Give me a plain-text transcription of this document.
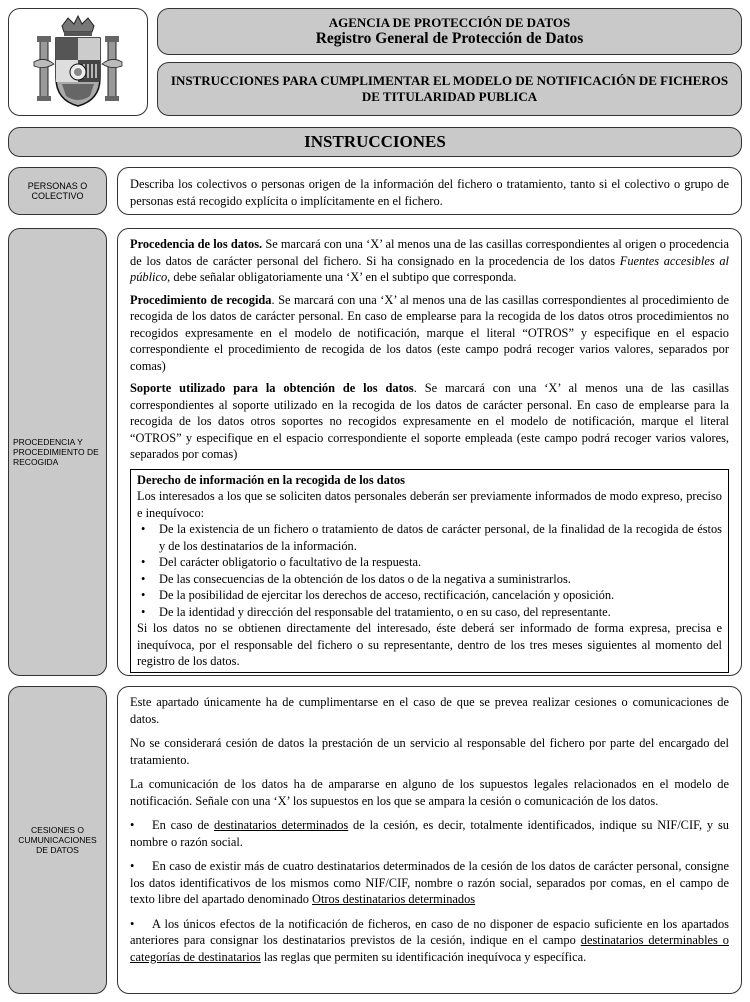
AGENCIA DE PROTECCIÓN DE DATOS
Registro General de Protección de Datos
INSTRUCCIONES PARA CUMPLIMENTAR EL MODELO DE NOTIFICACIÓN DE FICHEROS DE TITULARIDAD PUBLICA
INSTRUCCIONES
PERSONAS O COLECTIVO
Describa los colectivos o personas origen de la información del fichero o tratamiento, tanto si el colectivo o grupo de personas está recogido explícita o implícitamente en el fichero.
PROCEDENCIA Y PROCEDIMIENTO DE RECOGIDA

Procedencia de los datos. Se marcará con una ‘X’ al menos una de las casillas correspondientes al origen o procedencia de los datos de carácter personal del fichero. Si ha consignado en la procedencia de los datos Fuentes accesibles al público, debe señalar obligatoriamente una ‘X’ en el subtipo que corresponda.

Procedimiento de recogida. Se marcará con una ‘X’ al menos una de las casillas correspondientes al procedimiento de recogida de los datos de carácter personal. En caso de emplearse para la recogida de los datos otros procedimientos no recogidos expresamente en el modelo de notificación, marque el literal “OTROS” y especifique en el espacio correspondiente el procedimiento de recogida de los datos (este campo podrá recoger varios valores, separados por comas)

Soporte utilizado para la obtención de los datos. Se marcará con una ‘X’ al menos una de las casillas correspondientes al soporte utilizado en la recogida de los datos de carácter personal. En caso de emplearse para la recogida de los datos otros soportes no recogidos expresamente en el modelo de notificación, marque el literal “OTROS” y especifique en el espacio correspondiente el soporte empleada (este campo podrá recoger varios valores, separados por comas)

Derecho de información en la recogida de los datos
Los interesados a los que se soliciten datos personales deberán ser previamente informados de modo expreso, preciso e inequívoco:
• De la existencia de un fichero o tratamiento de datos de carácter personal, de la finalidad de la recogida de éstos y de los destinatarios de la información.
• Del carácter obligatorio o facultativo de la respuesta.
• De las consecuencias de la obtención de los datos o de la negativa a suministrarlos.
• De la posibilidad de ejercitar los derechos de acceso, rectificación, cancelación y oposición.
• De la identidad y dirección del responsable del tratamiento, o en su caso, del representante.
Si los datos no se obtienen directamente del interesado, éste deberá ser informado de forma expresa, precisa e inequívoca, por el responsable del fichero o su representante, dentro de los tres meses siguientes al momento del registro de los datos.
CESIONES O CUMUNICACIONES DE DATOS

Este apartado únicamente ha de cumplimentarse en el caso de que se prevea realizar cesiones o comunicaciones de datos.

No se considerará cesión de datos la prestación de un servicio al responsable del fichero por parte del encargado del tratamiento.

La comunicación de los datos ha de ampararse en alguno de los supuestos legales relacionados en el modelo de notificación. Señale con una ‘X’ los supuestos en los que se ampara la cesión o comunicación de los datos.

• En caso de destinatarios determinados de la cesión, es decir, totalmente identificados, indique su NIF/CIF, y su nombre o razón social.

• En caso de existir más de cuatro destinatarios determinados de la cesión de los datos de carácter personal, consigne los datos identificativos de los mismos como NIF/CIF, nombre o razón social, separados por comas, en el campo de texto libre del apartado denominado Otros destinatarios determinados

• A los únicos efectos de la notificación de ficheros, en caso de no disponer de espacio suficiente en los apartados anteriores para consignar los destinatarios previstos de la cesión, indique en el campo destinatarios determinables o categorías de destinatarios las reglas que permiten su identificación inequívoca y específica.
